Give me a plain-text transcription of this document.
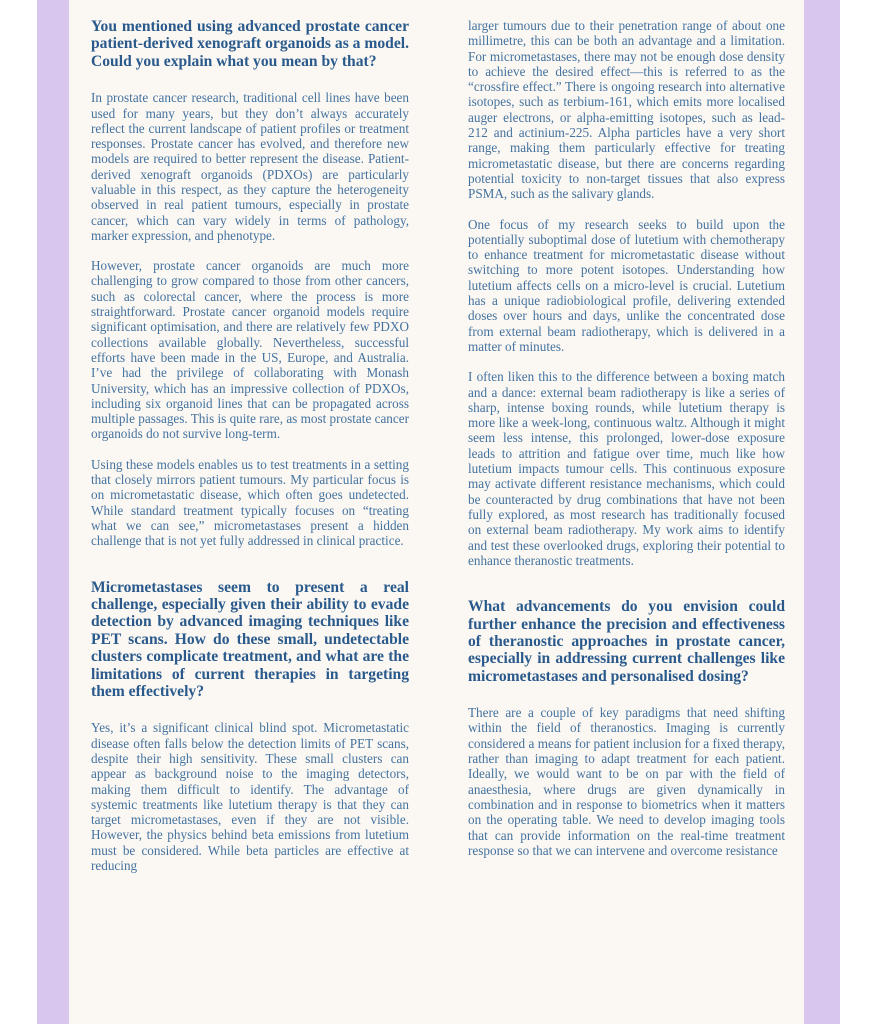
You mentioned using advanced prostate cancer patient-derived xenograft organoids as a model. Could you explain what you mean by that?

In prostate cancer research, traditional cell lines have been used for many years, but they don’t always accurately reflect the current landscape of patient profiles or treatment responses. Prostate cancer has evolved, and therefore new models are required to better represent the disease. Patient-derived xenograft organoids (PDXOs) are particularly valuable in this respect, as they capture the heterogeneity observed in real patient tumours, especially in prostate cancer, which can vary widely in terms of pathology, marker expression, and phenotype.

However, prostate cancer organoids are much more challenging to grow compared to those from other cancers, such as colorectal cancer, where the process is more straightforward. Prostate cancer organoid models require significant optimisation, and there are relatively few PDXO collections available globally. Nevertheless, successful efforts have been made in the US, Europe, and Australia. I’ve had the privilege of collaborating with Monash University, which has an impressive collection of PDXOs, including six organoid lines that can be propagated across multiple passages. This is quite rare, as most prostate cancer organoids do not survive long-term.

Using these models enables us to test treatments in a setting that closely mirrors patient tumours. My particular focus is on micrometastatic disease, which often goes undetected. While standard treatment typically focuses on “treating what we can see,” micrometastases present a hidden challenge that is not yet fully addressed in clinical practice.

Micrometastases seem to present a real challenge, especially given their ability to evade detection by advanced imaging techniques like PET scans. How do these small, undetectable clusters complicate treatment, and what are the limitations of current therapies in targeting them effectively?

Yes, it’s a significant clinical blind spot. Micrometastatic disease often falls below the detection limits of PET scans, despite their high sensitivity. These small clusters can appear as background noise to the imaging detectors, making them difficult to identify. The advantage of systemic treatments like lutetium therapy is that they can target micrometastases, even if they are not visible. However, the physics behind beta emissions from lutetium must be considered. While beta particles are effective at reducing

larger tumours due to their penetration range of about one millimetre, this can be both an advantage and a limitation. For micrometastases, there may not be enough dose density to achieve the desired effect—this is referred to as the “crossfire effect.” There is ongoing research into alternative isotopes, such as terbium-161, which emits more localised auger electrons, or alpha-emitting isotopes, such as lead-212 and actinium-225. Alpha particles have a very short range, making them particularly effective for treating micrometastatic disease, but there are concerns regarding potential toxicity to non-target tissues that also express PSMA, such as the salivary glands.

One focus of my research seeks to build upon the potentially suboptimal dose of lutetium with chemotherapy to enhance treatment for micrometastatic disease without switching to more potent isotopes. Understanding how lutetium affects cells on a micro-level is crucial. Lutetium has a unique radiobiological profile, delivering extended doses over hours and days, unlike the concentrated dose from external beam radiotherapy, which is delivered in a matter of minutes.

I often liken this to the difference between a boxing match and a dance: external beam radiotherapy is like a series of sharp, intense boxing rounds, while lutetium therapy is more like a week-long, continuous waltz. Although it might seem less intense, this prolonged, lower-dose exposure leads to attrition and fatigue over time, much like how lutetium impacts tumour cells. This continuous exposure may activate different resistance mechanisms, which could be counteracted by drug combinations that have not been fully explored, as most research has traditionally focused on external beam radiotherapy. My work aims to identify and test these overlooked drugs, exploring their potential to enhance theranostic treatments.

What advancements do you envision could further enhance the precision and effectiveness of theranostic approaches in prostate cancer, especially in addressing current challenges like micrometastases and personalised dosing?

There are a couple of key paradigms that need shifting within the field of theranostics. Imaging is currently considered a means for patient inclusion for a fixed therapy, rather than imaging to adapt treatment for each patient. Ideally, we would want to be on par with the field of anaesthesia, where drugs are given dynamically in combination and in response to biometrics when it matters on the operating table. We need to develop imaging tools that can provide information on the real-time treatment response so that we can intervene and overcome resistance
